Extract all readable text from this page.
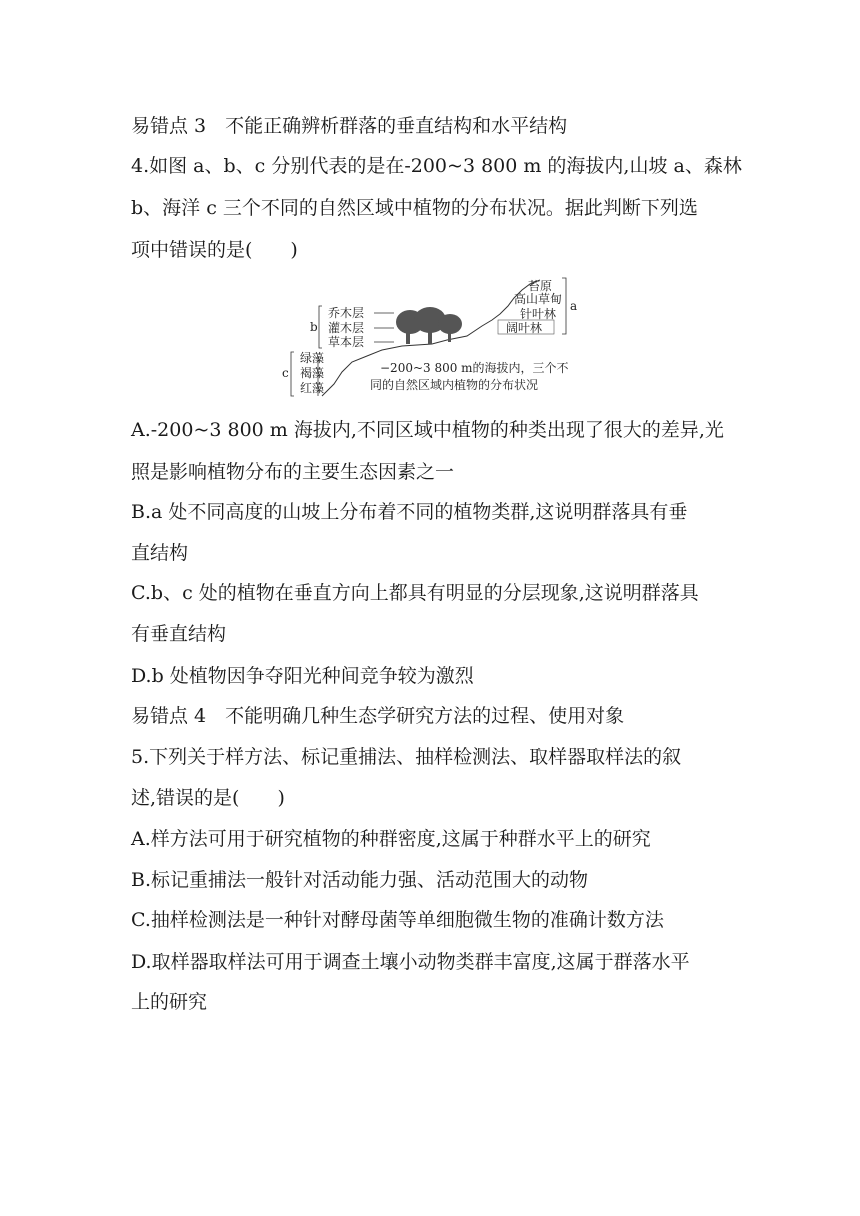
易错点 3　不能正确辨析群落的垂直结构和水平结构
4.如图 a、b、c 分别代表的是在-200~3 800 m 的海拔内,山坡 a、森林
b、海洋 c 三个不同的自然区域中植物的分布状况。据此判断下列选
项中错误的是(　　)
苔原
高山草甸
针叶林
阔叶林
乔木层
灌木层
草本层
绿藻
褐藻
红藻
a
b
c	−200~3 800 m的海拔内，三个不
同的自然区域内植物的分布状况
A.-200~3 800 m 海拔内,不同区域中植物的种类出现了很大的差异,光
照是影响植物分布的主要生态因素之一
B.a 处不同高度的山坡上分布着不同的植物类群,这说明群落具有垂
直结构
C.b、c 处的植物在垂直方向上都具有明显的分层现象,这说明群落具
有垂直结构
D.b 处植物因争夺阳光种间竞争较为激烈
易错点 4　不能明确几种生态学研究方法的过程、使用对象
5.下列关于样方法、标记重捕法、抽样检测法、取样器取样法的叙
述,错误的是(　　)
A.样方法可用于研究植物的种群密度,这属于种群水平上的研究
B.标记重捕法一般针对活动能力强、活动范围大的动物
C.抽样检测法是一种针对酵母菌等单细胞微生物的准确计数方法
D.取样器取样法可用于调查土壤小动物类群丰富度,这属于群落水平
上的研究
